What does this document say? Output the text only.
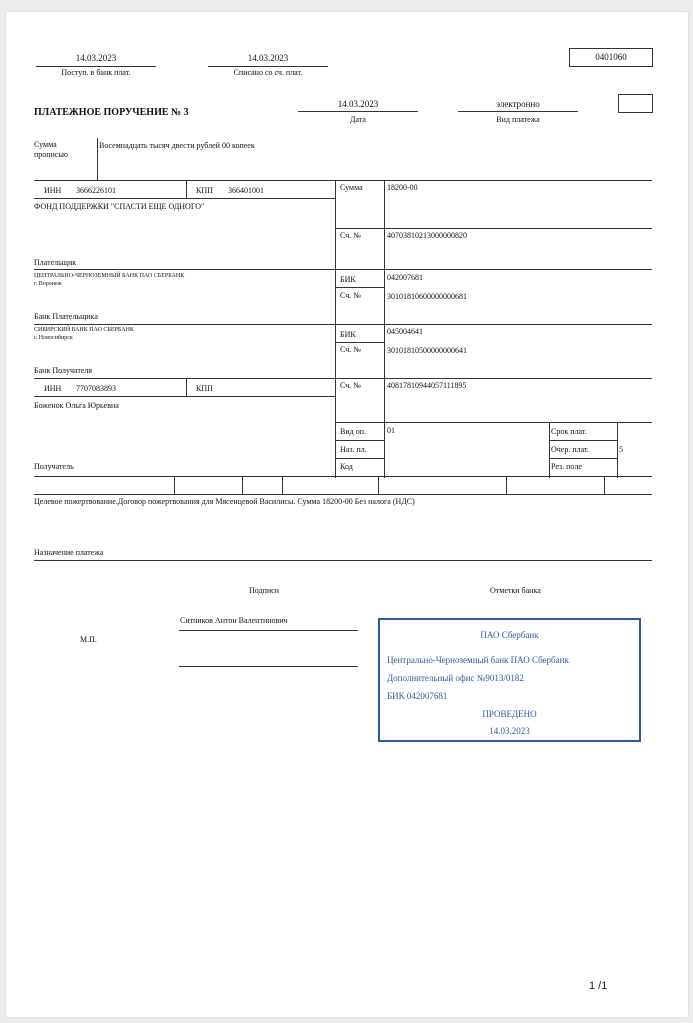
0401060
14.03.2023
Поступ. в банк плат.
14.03.2023
Списано со сч. плат.
ПЛАТЕЖНОЕ ПОРУЧЕНИЕ № 3
14.03.2023
Дата
электронно
Вид платежа
Сумма
прописью
Восемнадцать тысяч двести рублей 00 копеек
ИНН 3666226101	КПП 366401001	Сумма	18200-00
ФОНД ПОДДЕРЖКИ "СПАСТИ ЕЩЕ ОДНОГО"
Сч. №	40703810213000000820
Плательщик
ЦЕНТРАЛЬНО-ЧЕРНОЗЕМНЫЙ БАНК ПАО СБЕРБАНК
г. Воронеж	БИК	042007681
Сч. №	30101810600000000681
Банк Плательщика
СИБИРСКИЙ БАНК ПАО СБЕРБАНК
г. Новосибирск	БИК	045004641
Сч. №	30101810500000000641
Банк Получателя
ИНН 7707083893	КПП	Сч. №	40817810944057111895
Боженок Ольга Юрьевна
Вид оп.	01	Срок плат.
Наз. пл.	Очер. плат.	5
Код	Рез. поле
Получатель
Целевое пожертвование.Договор пожертвования для Мясенцевой Василисы. Сумма 18200-00 Без налога (НДС)
Назначение платежа
Подписи	Отметки банка
Ситников Антон Валентинович
М.П.	ПАО Сбербанк
Центрально-Черноземный банк ПАО Сбербанк
Дополнительный офис №9013/0182
БИК 042007681
ПРОВЕДЕНО
14.03.2023
1 /1
